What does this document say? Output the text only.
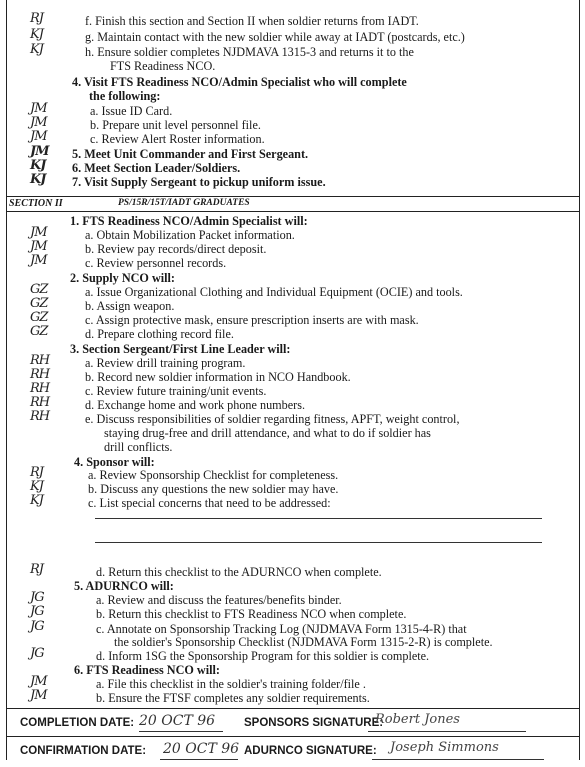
RJ	f. Finish this section and Section II when soldier returns from IADT.
KJ	g. Maintain contact with the new soldier while away at IADT (postcards, etc.)
KJ	h. Ensure soldier completes NJDMAVA 1315-3 and returns it to the
FTS Readiness NCO.
4. Visit FTS Readiness NCO/Admin Specialist who will complete
the following:
JM	a. Issue ID Card.
JM	b. Prepare unit level personnel file.
JM	c. Review Alert Roster information.
JM 5. Meet Unit Commander and First Sergeant.
KJ 6. Meet Section Leader/Soldiers.
KJ 7. Visit Supply Sergeant to pickup uniform issue.
SECTION II	PS/15R/15T/IADT GRADUATES
1. FTS Readiness NCO/Admin Specialist will:
JM	a. Obtain Mobilization Packet information.
JM	b. Review pay records/direct deposit.
JM	c. Review personnel records.
2. Supply NCO will:
GZ	a. Issue Organizational Clothing and Individual Equipment (OCIE) and tools.
GZ	b. Assign weapon.
GZ	c. Assign protective mask, ensure prescription inserts are with mask.
GZ	d. Prepare clothing record file.
3. Section Sergeant/First Line Leader will:
RH	a. Review drill training program.
RH	b. Record new soldier information in NCO Handbook.
RH	c. Review future training/unit events.
RH	d. Exchange home and work phone numbers.
RH	e. Discuss responsibilities of soldier regarding fitness, APFT, weight control,
staying drug-free and drill attendance, and what to do if soldier has
drill conflicts.
4. Sponsor will:
RJ	a. Review Sponsorship Checklist for completeness.
KJ	b. Discuss any questions the new soldier may have.
KJ	c. List special concerns that need to be addressed:
RJ	d. Return this checklist to the ADURNCO when complete.
5. ADURNCO will:
JG	a. Review and discuss the features/benefits binder.
JG	b. Return this checklist to FTS Readiness NCO when complete.
JG	c. Annotate on Sponsorship Tracking Log (NJDMAVA Form 1315-4-R) that
the soldier's Sponsorship Checklist (NJDMAVA Form 1315-2-R) is complete.
JG	d. Inform 1SG the Sponsorship Program for this soldier is complete.
6. FTS Readiness NCO will:
JM	a. File this checklist in the soldier's training folder/file .
JM	b. Ensure the FTSF completes any soldier requirements.
COMPLETION DATE: 20 OCT 96	SPONSORS SIGNATURE:
Robert Jones
CONFIRMATION DATE: 20 OCT 96 ADURNCO SIGNATURE: Joseph Simmons
